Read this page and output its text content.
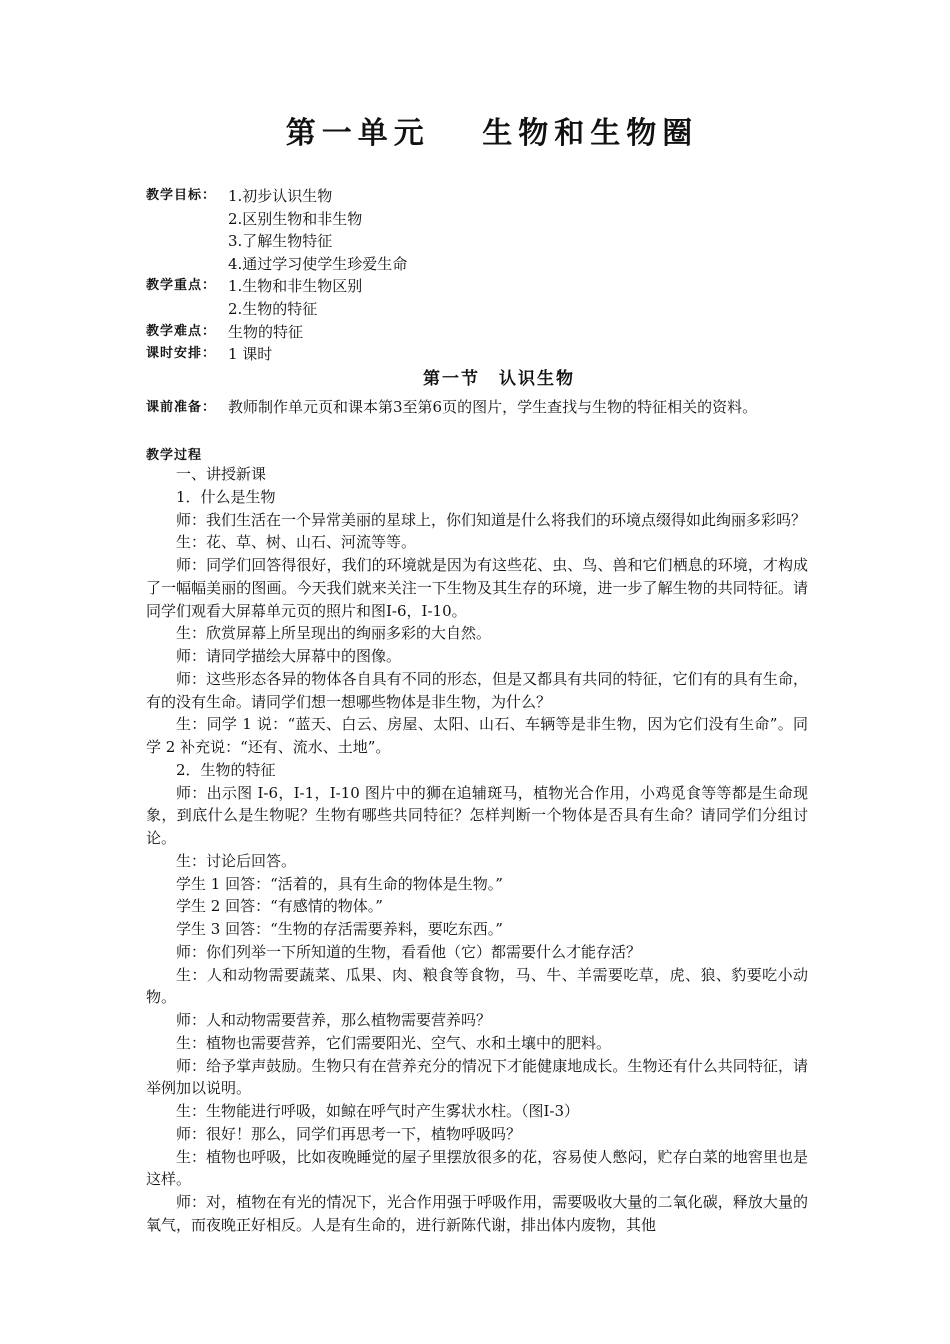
第一单元　 生物和生物圈
教学目标： 1.初步认识生物
2.区别生物和非生物
3.了解生物特征
4.通过学习使学生珍爱生命
教学重点： 1.生物和非生物区别
2.生物的特征
教学难点： 生物的特征
课时安排： 1 课时
第一节　认识生物
课前准备： 教师制作单元页和课本第3至第6页的图片，学生查找与生物的特征相关的资料。
教学过程

一、讲授新课

1．什么是生物

师：我们生活在一个异常美丽的星球上，你们知道是什么将我们的环境点缀得如此绚丽多彩吗？

生：花、草、树、山石、河流等等。

师：同学们回答得很好，我们的环境就是因为有这些花、虫、鸟、兽和它们栖息的环境，才构成了一幅幅美丽的图画。今天我们就来关注一下生物及其生存的环境，进一步了解生物的共同特征。请同学们观看大屏幕单元页的照片和图I-6，I-10。

生：欣赏屏幕上所呈现出的绚丽多彩的大自然。

师：请同学描绘大屏幕中的图像。

师：这些形态各异的物体各自具有不同的形态，但是又都具有共同的特征，它们有的具有生命，有的没有生命。请同学们想一想哪些物体是非生物，为什么？

生：同学 1 说：“蓝天、白云、房屋、太阳、山石、车辆等是非生物，因为它们没有生命”。同学 2 补充说：“还有、流水、土地”。

2．生物的特征

师：出示图 I-6，I-1，I-10 图片中的狮在追辅斑马，植物光合作用，小鸡觅食等等都是生命现象，到底什么是生物呢？生物有哪些共同特征？怎样判断一个物体是否具有生命？请同学们分组讨论。

生：讨论后回答。

学生 1 回答：“活着的，具有生命的物体是生物。”

学生 2 回答：“有感情的物体。”

学生 3 回答：“生物的存活需要养料，要吃东西。”

师：你们列举一下所知道的生物，看看他（它）都需要什么才能存活？

生：人和动物需要蔬菜、瓜果、肉、粮食等食物，马、牛、羊需要吃草，虎、狼、豹要吃小动物。

师：人和动物需要营养，那么植物需要营养吗？

生：植物也需要营养，它们需要阳光、空气、水和土壤中的肥料。

师：给予掌声鼓励。生物只有在营养充分的情况下才能健康地成长。生物还有什么共同特征，请举例加以说明。

生：生物能进行呼吸，如鲸在呼气时产生雾状水柱。（图I-3）

师：很好！那么，同学们再思考一下，植物呼吸吗？

生：植物也呼吸，比如夜晚睡觉的屋子里摆放很多的花，容易使人憋闷，贮存白菜的地窖里也是这样。

师：对，植物在有光的情况下，光合作用强于呼吸作用，需要吸收大量的二氧化碳，释放大量的氧气，而夜晚正好相反。人是有生命的，进行新陈代谢，排出体内废物，其他
